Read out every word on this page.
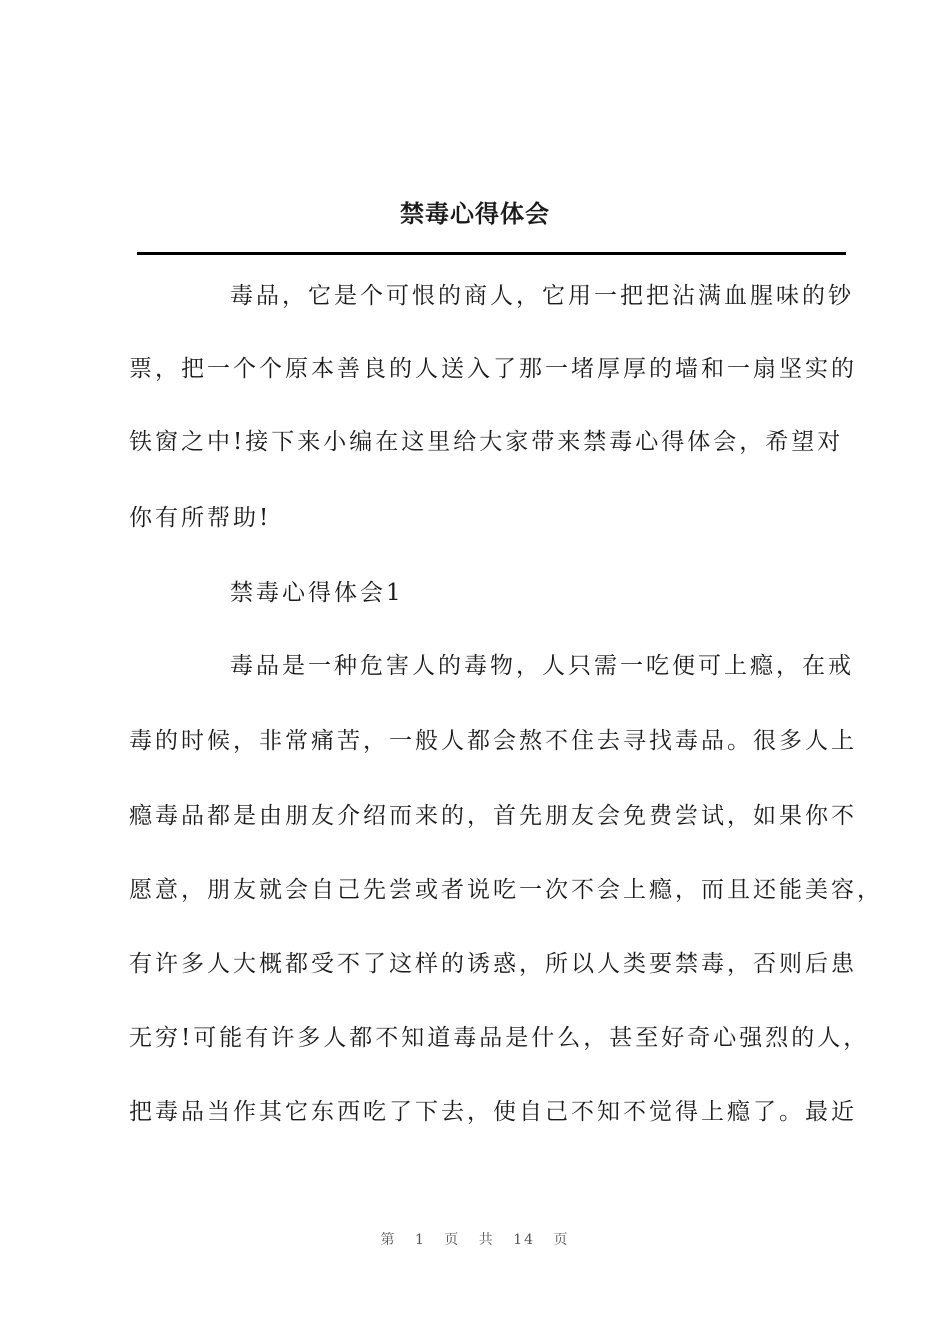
禁毒心得体会
毒品，它是个可恨的商人，它用一把把沾满血腥味的钞
票，把一个个原本善良的人送入了那一堵厚厚的墙和一扇坚实的
铁窗之中!接下来小编在这里给大家带来禁毒心得体会，希望对
你有所帮助!
禁毒心得体会1
毒品是一种危害人的毒物，人只需一吃便可上瘾，在戒
毒的时候，非常痛苦，一般人都会熬不住去寻找毒品。很多人上
瘾毒品都是由朋友介绍而来的，首先朋友会免费尝试，如果你不
愿意，朋友就会自己先尝或者说吃一次不会上瘾，而且还能美容，
有许多人大概都受不了这样的诱惑，所以人类要禁毒，否则后患
无穷!可能有许多人都不知道毒品是什么，甚至好奇心强烈的人，
把毒品当作其它东西吃了下去，使自己不知不觉得上瘾了。最近
第 1 页 共 14 页
